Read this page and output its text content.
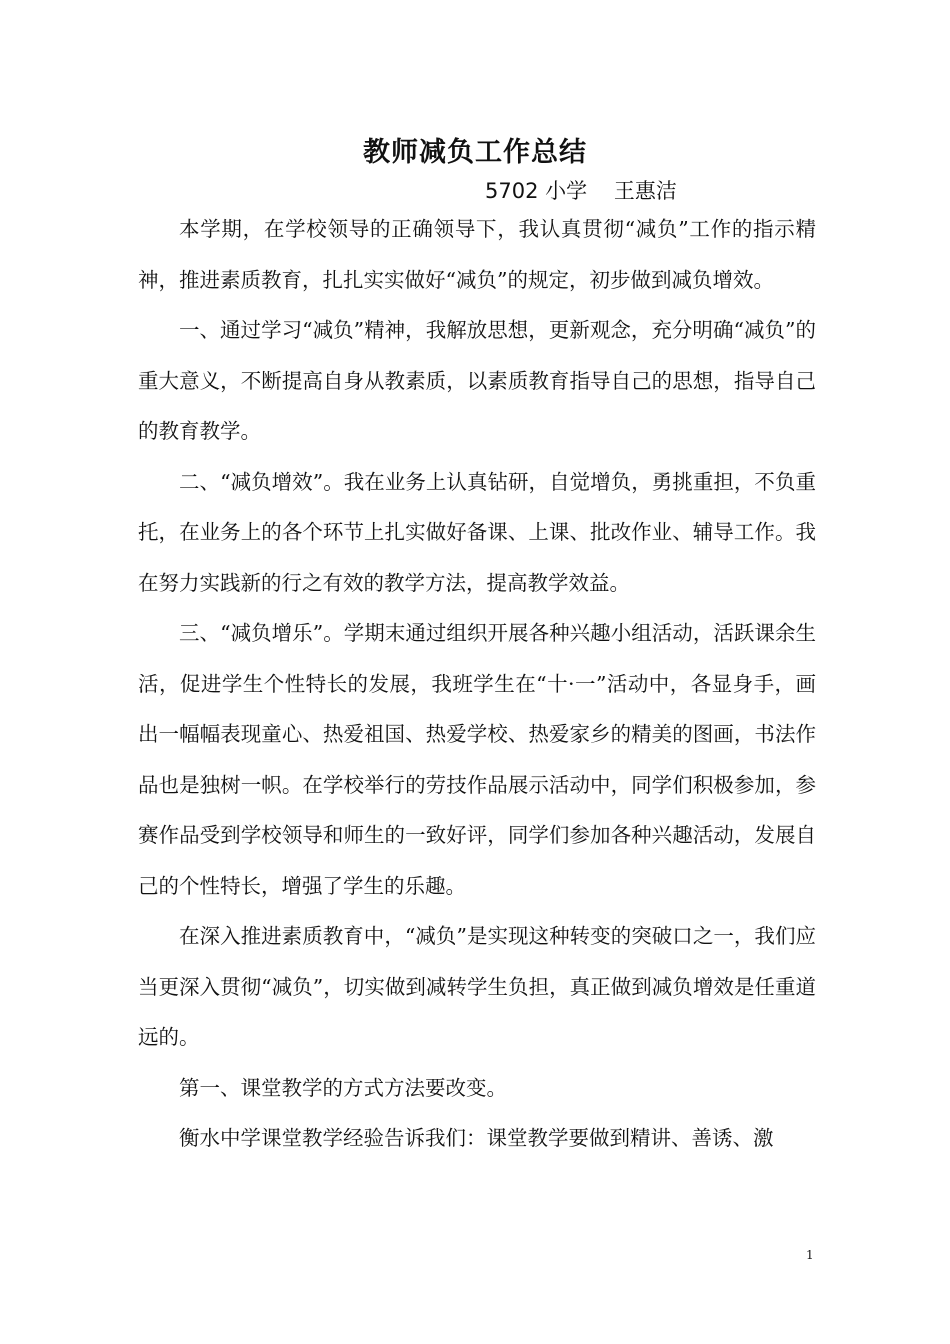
教师减负工作总结
5702 小学    王惠洁

本学期，在学校领导的正确领导下，我认真贯彻“减负”工作的指示精神，推进素质教育，扎扎实实做好“减负”的规定，初步做到减负增效。

一、通过学习“减负”精神，我解放思想，更新观念，充分明确“减负”的重大意义，不断提高自身从教素质，以素质教育指导自己的思想，指导自己的教育教学。

二、“减负增效”。我在业务上认真钻研，自觉增负，勇挑重担，不负重托，在业务上的各个环节上扎实做好备课、上课、批改作业、辅导工作。我在努力实践新的行之有效的教学方法，提高教学效益。

三、“减负增乐”。学期末通过组织开展各种兴趣小组活动，活跃课余生活，促进学生个性特长的发展，我班学生在“十·一”活动中，各显身手，画出一幅幅表现童心、热爱祖国、热爱学校、热爱家乡的精美的图画，书法作品也是独树一帜。在学校举行的劳技作品展示活动中，同学们积极参加，参赛作品受到学校领导和师生的一致好评，同学们参加各种兴趣活动，发展自己的个性特长，增强了学生的乐趣。

在深入推进素质教育中，“减负”是实现这种转变的突破口之一，我们应当更深入贯彻“减负”，切实做到减转学生负担，真正做到减负增效是任重道远的。

第一、课堂教学的方式方法要改变。

衡水中学课堂教学经验告诉我们：课堂教学要做到精讲、善诱、激

1
